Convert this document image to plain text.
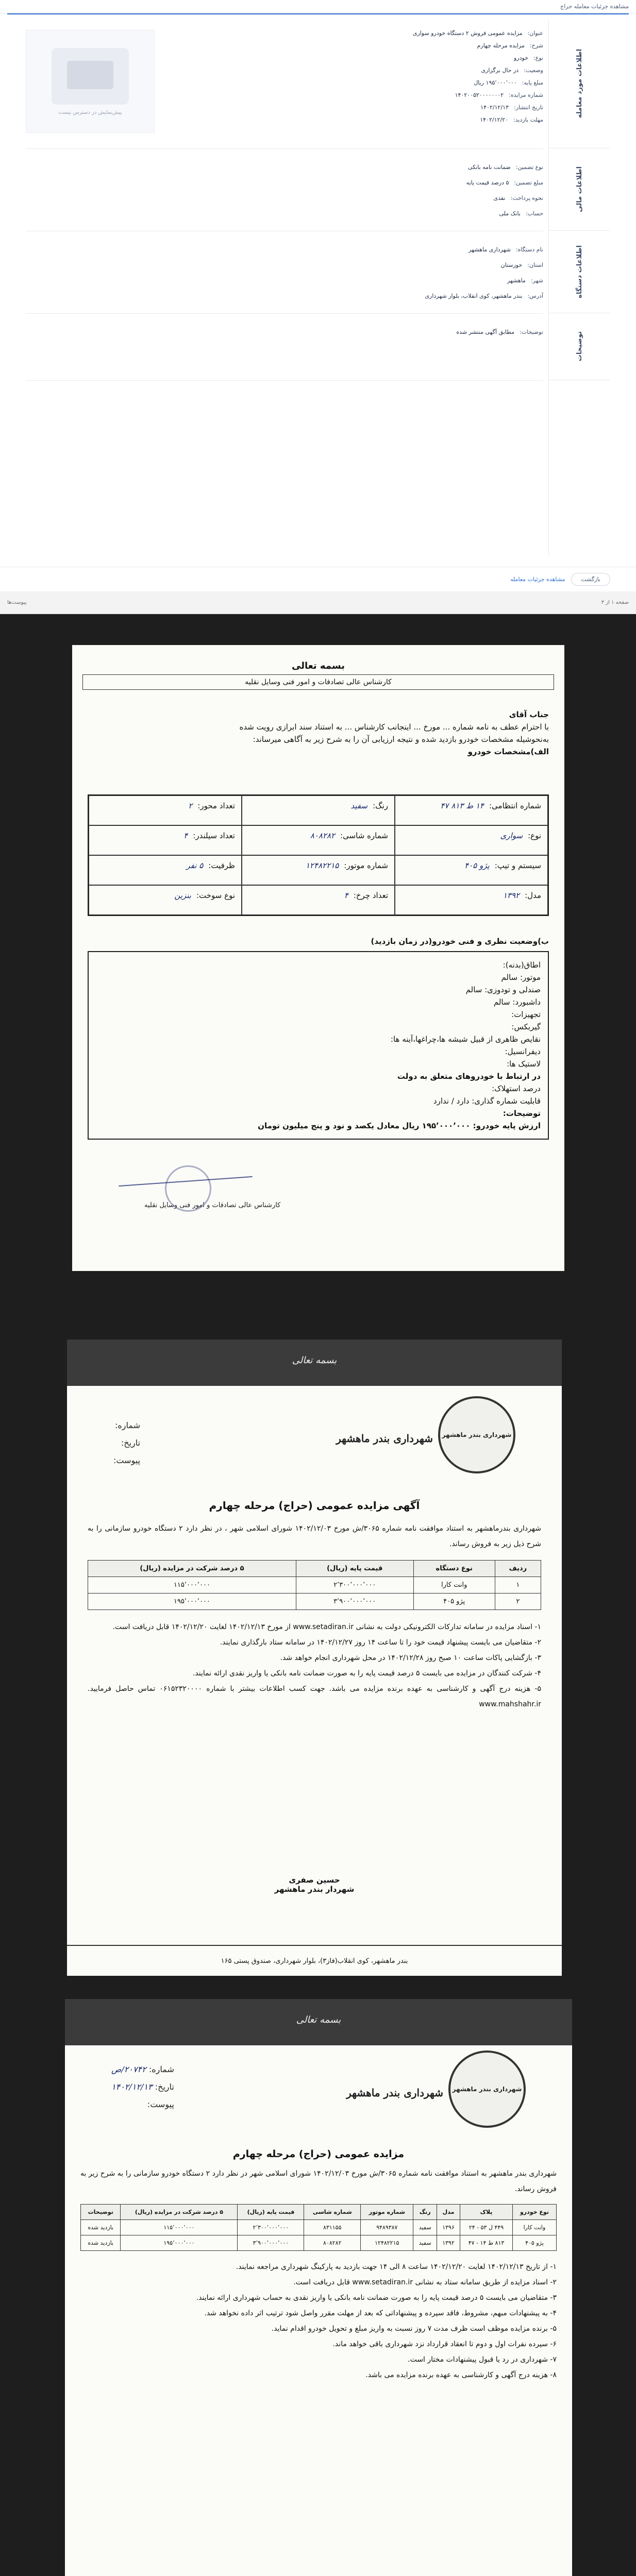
مشاهده جزئیات معامله حراج
اطلاعات مورد معامله
اطلاعات مالی
اطلاعات دستگاه
توضیحات
عنوان:مزایده عمومی فروش ۲ دستگاه خودرو سواری
شرح:مزایده مرحله چهارم
نوع:خودرو
وضعیت:در حال برگزاری
مبلغ پایه:۱۹۵٬۰۰۰٬۰۰۰ ریال
شماره مزایده:۱۴۰۲۰۰۵۲۰۰۰۰۰۰۰۲
تاریخ انتشار:۱۴۰۲/۱۲/۱۳
مهلت بازدید:۱۴۰۲/۱۲/۲۰
نوع تضمین:ضمانت نامه بانکی
مبلغ تضمین:۵ درصد قیمت پایه
نحوه پرداخت:نقدی
حساب:بانک ملی
نام دستگاه:شهرداری ماهشهر
استان:خوزستان
شهر:ماهشهر
آدرس:بندر ماهشهر، کوی انقلاب، بلوار شهرداری
توضیحات:مطابق آگهی منتشر شده
پیش‌نمایش در دسترس نیست
بازگشت
مشاهده جزئیات معامله
صفحه ۱ از ۳
پیوست‌ها
بسمه تعالی
کارشناس عالی تصادفات و امور فنی وسایل نقلیه
جناب آقای
با احترام عطف به نامه شماره ... مورخ ... اینجانب کارشناس ... به استناد سند ابرازی رویت شده
به‌نحوشیله مشخصات خودرو بازدید شده و نتیجه ارزیابی آن را به شرح زیر به آگاهی میرساند:
الف)مشخصات خودرو
شماره انتظامی:۱۴ ط ۸۱۳ ۴۷
رنگ:سفید
تعداد محور:۲
نوع:سواری
شماره شاسی:۸۰۸۲۸۲
تعداد سیلندر:۴
سیستم و تیپ:پژو ۴۰۵
شماره موتور:۱۲۴۸۲۲۱۵
ظرفیت:۵ نفر
مدل:۱۳۹۲
تعداد چرخ:۴
نوع سوخت:بنزین
ب)وضعیت نظری و فنی خودرو(در زمان بازدید)
اطاق(بدنه):
موتور: سالم
صندلی و تودوزی: سالم
داشبورد: سالم
تجهیزات:
گیربکس:
نقایص ظاهری از قبیل شیشه ها،چراغها،آینه ها:
دیفرانسیل:
لاستیک ها:
در ارتباط با خودروهای متعلق به دولت
درصد استهلاک:
قابلیت شماره گذاری: دارد / ندارد
توضیحات:
ارزش پایه خودرو: ۱۹۵٬۰۰۰٬۰۰۰ ریال معادل یکصد و نود و پنج میلیون تومان
کارشناس عالی تصادفات و امور فنی وسایل نقلیه
بسمه تعالی
شهرداری بندر ماهشهر
شهرداری بندر ماهشهر
شماره:
تاریخ:
پیوست:
آگهی مزایده عمومی (حراج) مرحله چهارم
شهرداری بندرماهشهر به استناد موافقت نامه شماره ۳۰۶۵/ش مورخ ۱۴۰۲/۱۲/۰۳ شورای اسلامی شهر ، در نظر دارد ۲ دستگاه خودرو سازمانی را به شرح ذیل زیر به فروش رساند.
ردیف	نوع دستگاه	قیمت پایه (ریال)	۵ درصد شرکت در مزایده (ریال)
۱	وانت کارا	۲٬۳۰۰٬۰۰۰٬۰۰۰	۱۱۵٬۰۰۰٬۰۰۰
۲	پژو ۴۰۵	۳٬۹۰۰٬۰۰۰٬۰۰۰	۱۹۵٬۰۰۰٬۰۰۰
۱- اسناد مزایده در سامانه تدارکات الکترونیکی دولت به نشانی www.setadiran.ir از مورخ ۱۴۰۲/۱۲/۱۳ لغایت ۱۴۰۲/۱۲/۲۰ قابل دریافت است.
۲- متقاضیان می بایست پیشنهاد قیمت خود را تا ساعت ۱۴ روز ۱۴۰۲/۱۲/۲۷ در سامانه ستاد بارگذاری نمایند.
۳- بازگشایی پاکات ساعت ۱۰ صبح روز ۱۴۰۲/۱۲/۲۸ در محل شهرداری انجام خواهد شد.
۴- شرکت کنندگان در مزایده می بایست ۵ درصد قیمت پایه را به صورت ضمانت نامه بانکی یا واریز نقدی ارائه نمایند.
۵- هزینه درج آگهی و کارشناسی به عهده برنده مزایده می باشد. جهت کسب اطلاعات بیشتر با شماره ۰۶۱۵۲۳۲۰۰۰۰ تماس حاصل فرمایید. www.mahshahr.ir
حسین صفری
شهردار بندر ماهشهر
بندر ماهشهر، کوی انقلاب(فاز۳)، بلوار شهرداری، صندوق پستی ۱۶۵
بسمه تعالی
شهرداری بندر ماهشهر
شهرداری بندر ماهشهر
شماره: ۲۰۷۴۲/ص
تاریخ: ۱۴۰۲/۱۲/۱۳
پیوست:
مزایده عمومی (حراج) مرحله چهارم
شهرداری بندر ماهشهر به استناد موافقت نامه شماره ۳۰۶۵/ش مورخ ۱۴۰۲/۱۲/۰۳ شورای اسلامی شهر در نظر دارد ۲ دستگاه خودرو سازمانی را به شرح زیر به فروش رساند.
نوع خودرو	پلاک	مدل	رنگ	شماره موتور	شماره شاسی	قیمت پایه (ریال)	۵ درصد شرکت در مزایده (ریال)	توضیحات
وانت کارا	۴۴۹ ل ۵۳ - ۲۴	۱۳۹۶	سفید	۹۴۸۹۳۸۷	۸۳۱۱۵۵	۲٬۳۰۰٬۰۰۰٬۰۰۰	۱۱۵٬۰۰۰٬۰۰۰	بازدید شده
پژو ۴۰۵	۸۱۳ ط ۱۴ - ۴۷	۱۳۹۲	سفید	۱۲۴۸۲۲۱۵	۸۰۸۲۸۲	۳٬۹۰۰٬۰۰۰٬۰۰۰	۱۹۵٬۰۰۰٬۰۰۰	بازدید شده
۱- از تاریخ ۱۴۰۲/۱۲/۱۳ لغایت ۱۴۰۲/۱۲/۲۰ ساعت ۸ الی ۱۴ جهت بازدید به پارکینگ شهرداری مراجعه نمایند.
۲- اسناد مزایده از طریق سامانه ستاد به نشانی www.setadiran.ir قابل دریافت است.
۳- متقاضیان می بایست ۵ درصد قیمت پایه را به صورت ضمانت نامه بانکی یا واریز نقدی به حساب شهرداری ارائه نمایند.
۴- به پیشنهادات مبهم، مشروط، فاقد سپرده و پیشنهاداتی که بعد از مهلت مقرر واصل شود ترتیب اثر داده نخواهد شد.
۵- برنده مزایده موظف است ظرف مدت ۷ روز نسبت به واریز مبلغ و تحویل خودرو اقدام نماید.
۶- سپرده نفرات اول و دوم تا انعقاد قرارداد نزد شهرداری باقی خواهد ماند.
۷- شهرداری در رد یا قبول پیشنهادات مختار است.
۸- هزینه درج آگهی و کارشناسی به عهده برنده مزایده می باشد.
